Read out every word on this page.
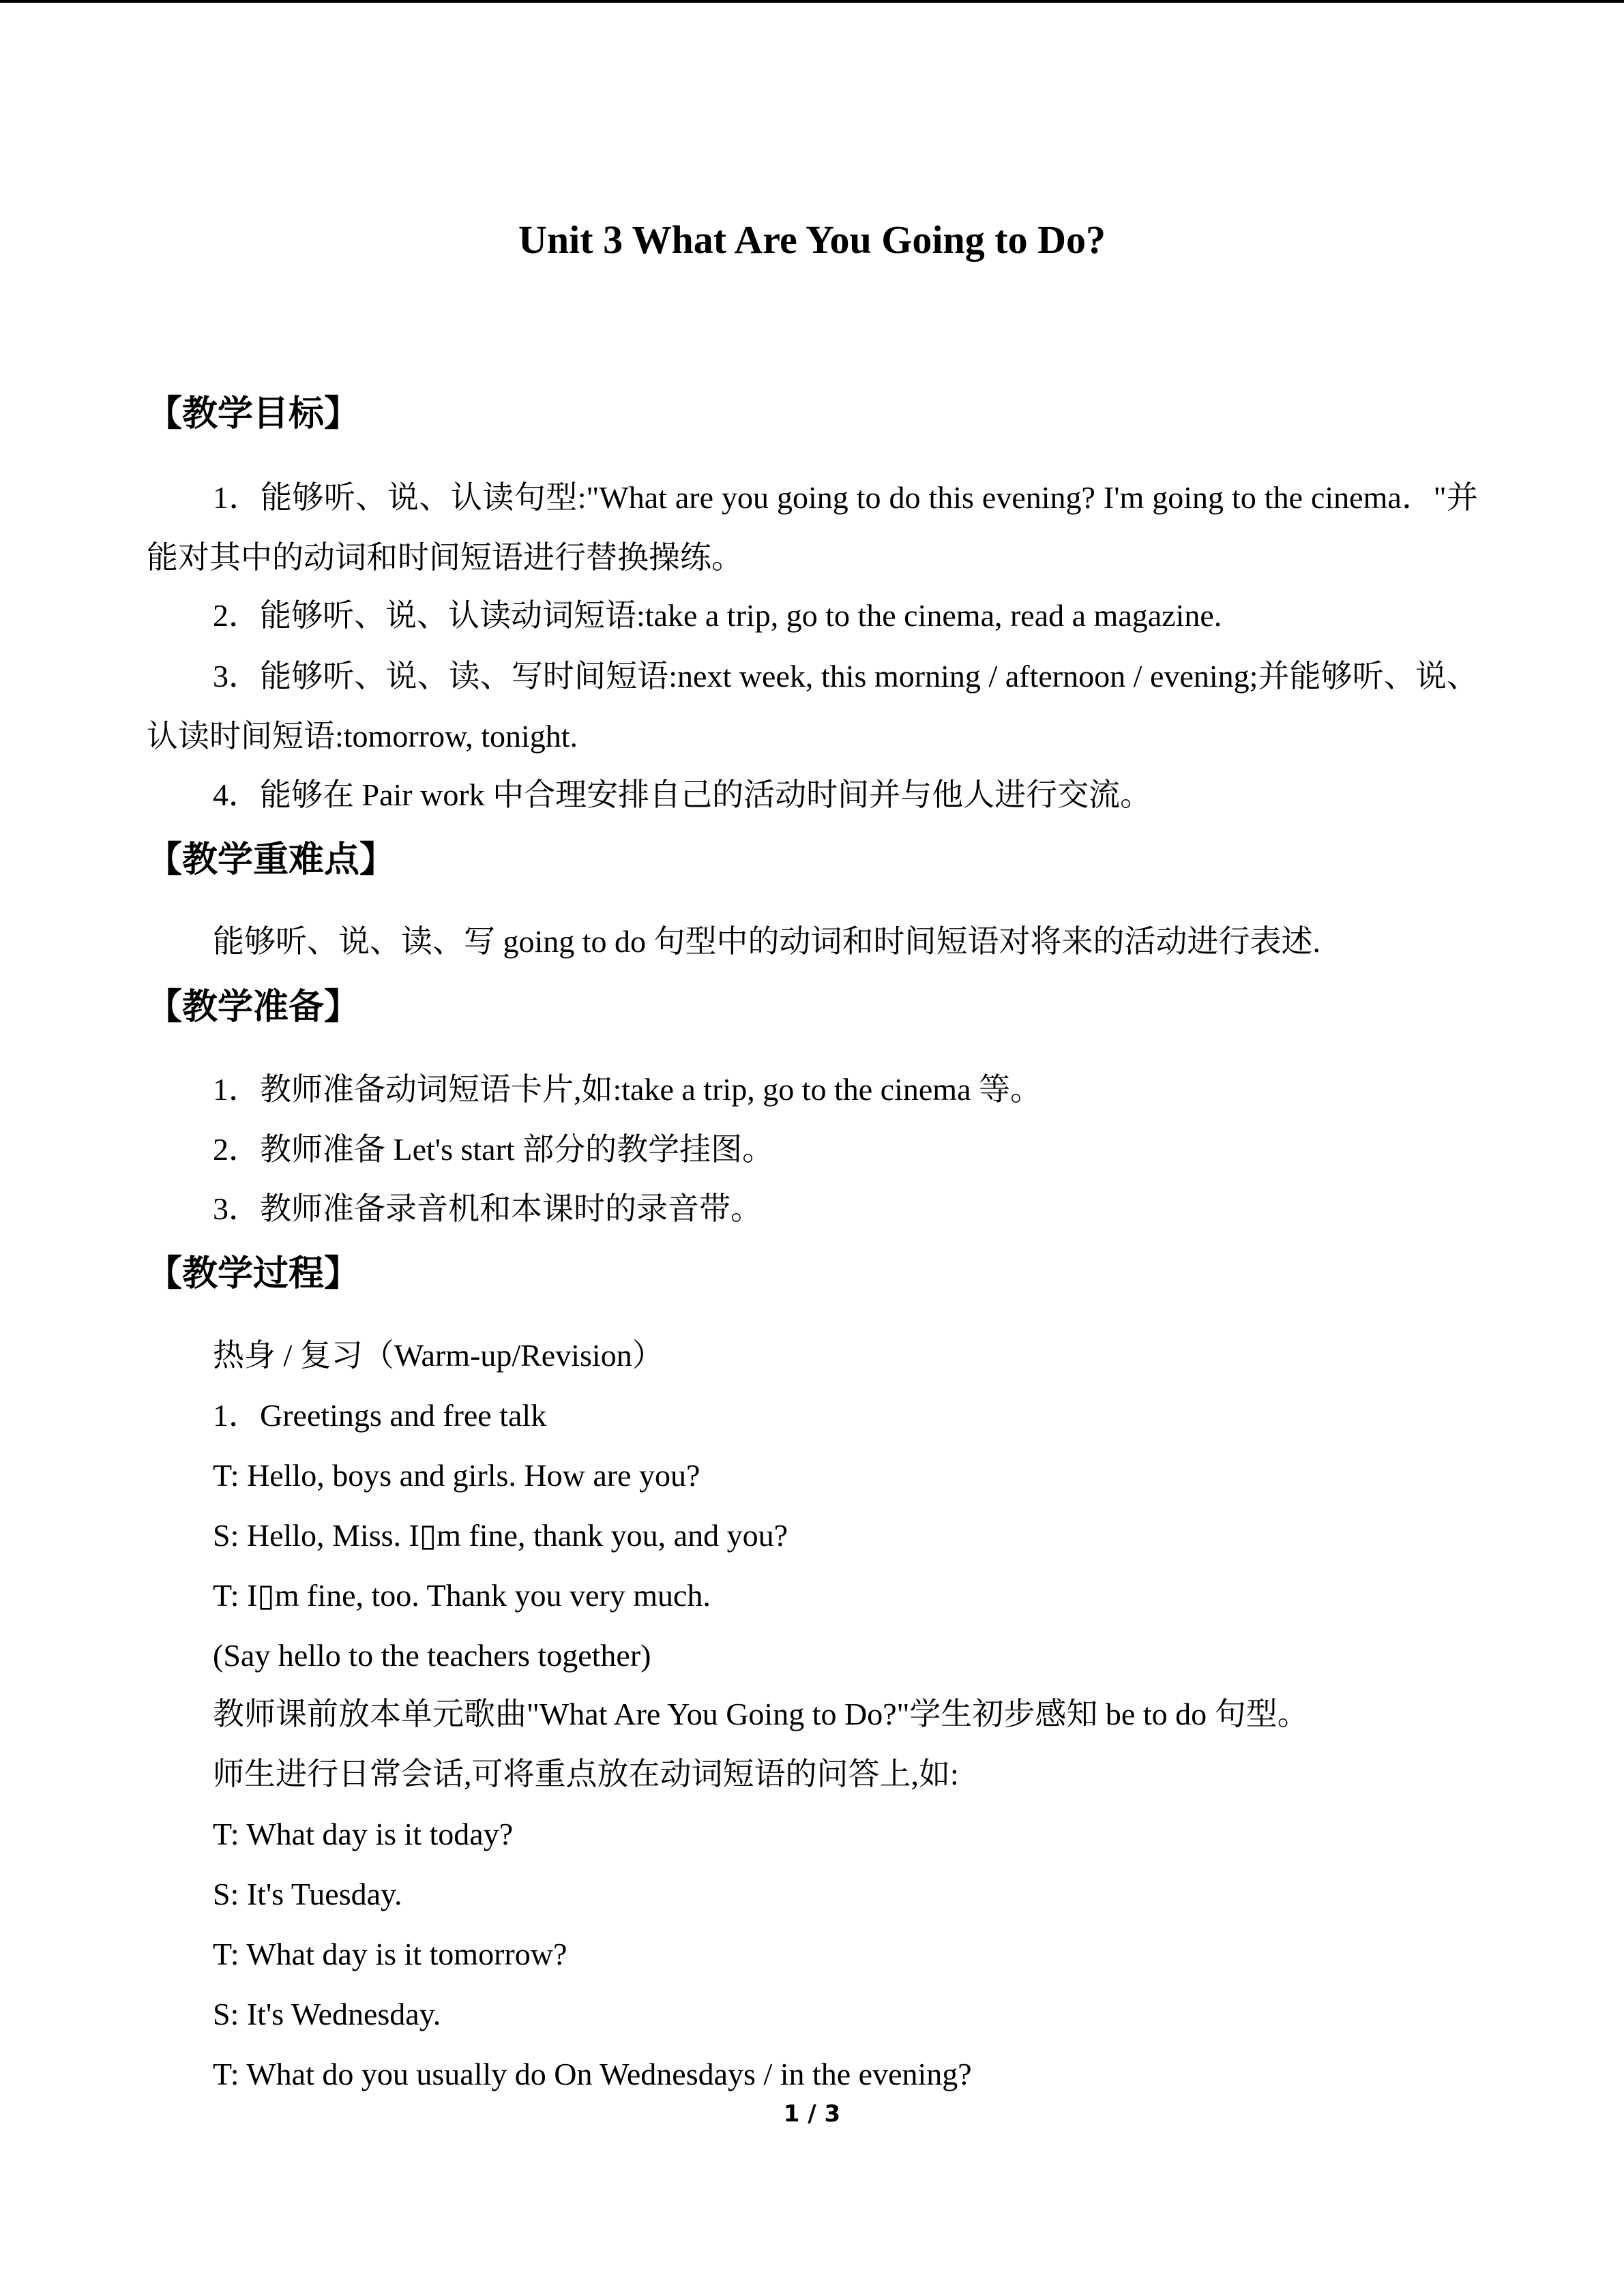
Unit 3 What Are You Going to Do?
【教学目标】
1．能够听、说、认读句型:"What are you going to do this evening? I'm going to the cinema．"并能对其中的动词和时间短语进行替换操练。
2．能够听、说、认读动词短语:take a trip, go to the cinema, read a magazine.
3．能够听、说、读、写时间短语:next week, this morning / afternoon / evening;并能够听、说、认读时间短语:tomorrow, tonight.
4．能够在 Pair work 中合理安排自己的活动时间并与他人进行交流。
【教学重难点】
能够听、说、读、写 going to do 句型中的动词和时间短语对将来的活动进行表述.
【教学准备】
1．教师准备动词短语卡片,如:take a trip, go to the cinema 等。
2．教师准备 Let's start 部分的教学挂图。
3．教师准备录音机和本课时的录音带。
【教学过程】
热身 / 复习（Warm-up/Revision）
1．Greetings and free talk
T: Hello, boys and girls. How are you?
S: Hello, Miss. I▯m fine, thank you, and you?
T: I▯m fine, too. Thank you very much.
(Say hello to the teachers together)
教师课前放本单元歌曲"What Are You Going to Do?"学生初步感知 be to do 句型。
师生进行日常会话,可将重点放在动词短语的问答上,如:
T: What day is it today?
S: It's Tuesday.
T: What day is it tomorrow?
S: It's Wednesday.
T: What do you usually do On Wednesdays / in the evening?
1 / 3
